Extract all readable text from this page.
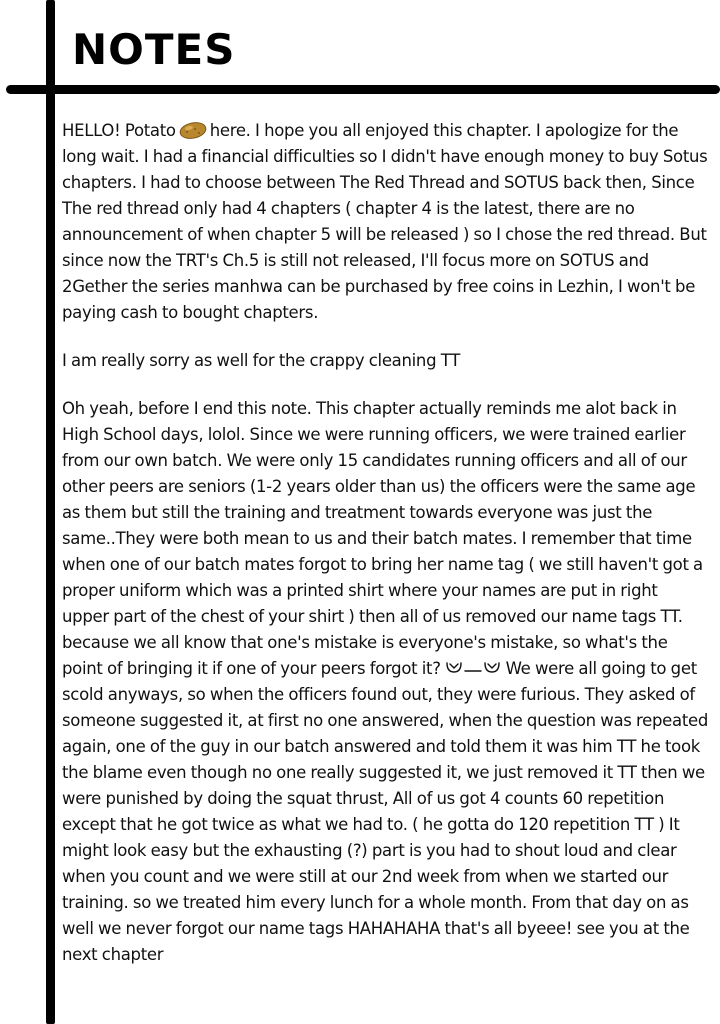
NOTES

HELLO! Potato here. I hope you all enjoyed this chapter. I apologize for the long wait. I had a financial difficulties so I didn't have enough money to buy Sotus chapters. I had to choose between The Red Thread and SOTUS back then, Since The red thread only had 4 chapters ( chapter 4 is the latest, there are no announcement of when chapter 5 will be released ) so I chose the red thread. But since now the TRT's Ch.5 is still not released, I'll focus more on SOTUS and 2Gether the series manhwa can be purchased by free coins in Lezhin, I won't be paying cash to bought chapters.

I am really sorry as well for the crappy cleaning TT

Oh yeah, before I end this note. This chapter actually reminds me alot back in High School days, lolol. Since we were running officers, we were trained earlier from our own batch. We were only 15 candidates running officers and all of our other peers are seniors (1-2 years older than us) the officers were the same age as them but still the training and treatment towards everyone was just the same..They were both mean to us and their batch mates. I remember that time when one of our batch mates forgot to bring her name tag ( we still haven't got a proper uniform which was a printed shirt where your names are put in right upper part of the chest of your shirt ) then all of us removed our name tags TT. because we all know that one's mistake is everyone's mistake, so what's the point of bringing it if one of your peers forgot it?	We were all going to get scold anyways, so when the officers found out, they were furious. They asked of someone suggested it, at first no one answered, when the question was repeated again, one of the guy in our batch answered and told them it was him TT he took the blame even though no one really suggested it, we just removed it TT then we were punished by doing the squat thrust, All of us got 4 counts 60 repetition except that he got twice as what we had to. ( he gotta do 120 repetition TT ) It might look easy but the exhausting (?) part is you had to shout loud and clear when you count and we were still at our 2nd week from when we started our training. so we treated him every lunch for a whole month. From that day on as well we never forgot our name tags HAHAHAHA that's all byeee! see you at the next chapter
